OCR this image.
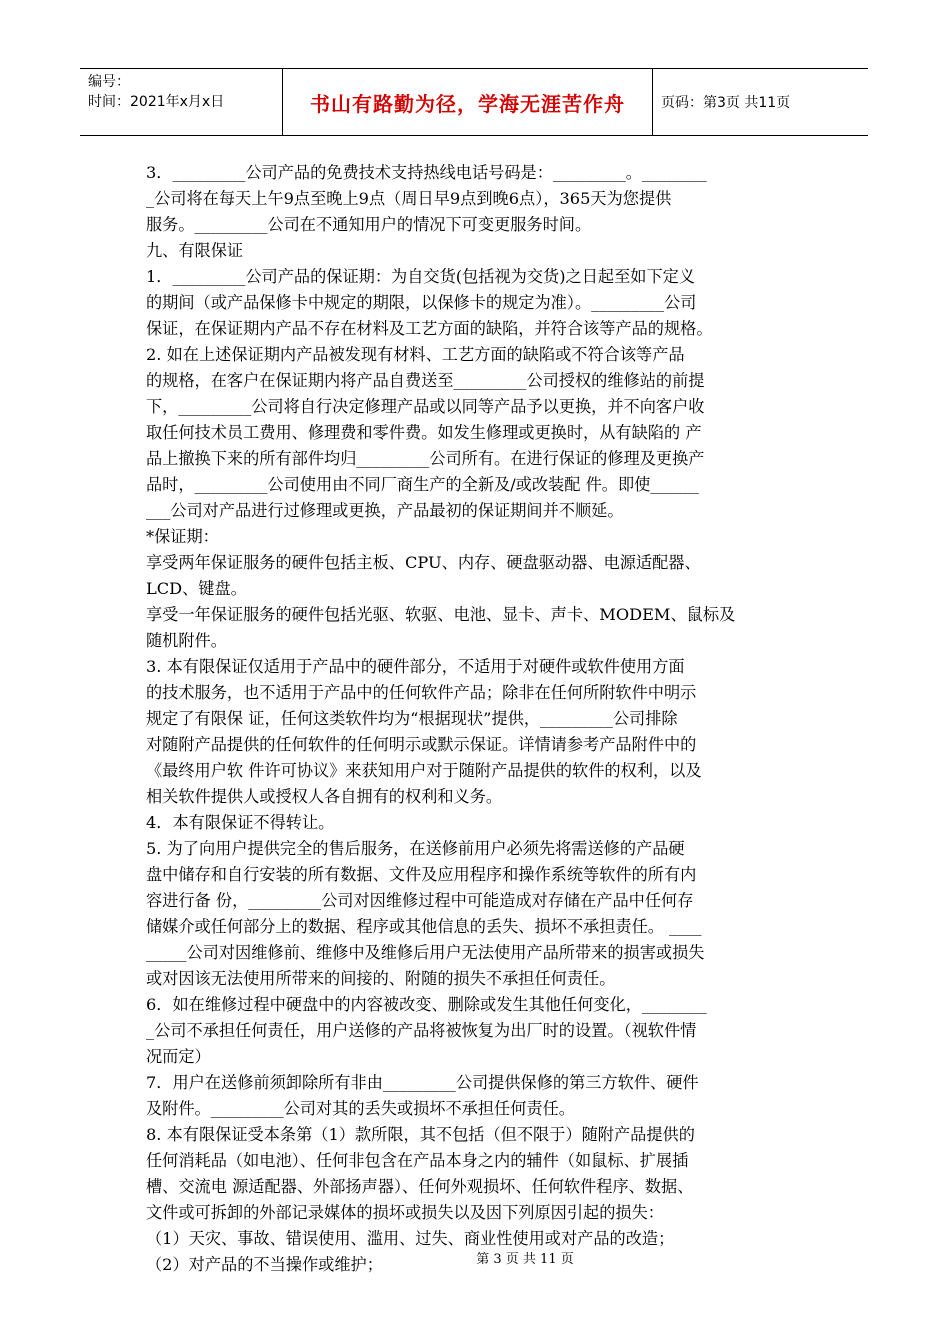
编号：
时间：2021年x月x日	书山有路勤为径，学海无涯苦作舟	页码：第3页 共11页

3．_________公司产品的免费技术支持热线电话号码是：_________。________

_公司将在每天上午9点至晚上9点（周日早9点到晚6点），365天为您提供

服务。_________公司在不通知用户的情况下可变更服务时间。

九、有限保证

1．_________公司产品的保证期：为自交货(包括视为交货)之日起至如下定义

的期间（或产品保修卡中规定的期限，以保修卡的规定为准）。_________公司

保证，在保证期内产品不存在材料及工艺方面的缺陷，并符合该等产品的规格。

2. 如在上述保证期内产品被发现有材料、工艺方面的缺陷或不符合该等产品

的规格，在客户在保证期内将产品自费送至_________公司授权的维修站的前提

下，_________公司将自行决定修理产品或以同等产品予以更换，并不向客户收

取任何技术员工费用、修理费和零件费。如发生修理或更换时，从有缺陷的 产

品上撤换下来的所有部件均归_________公司所有。在进行保证的修理及更换产

品时，_________公司使用由不同厂商生产的全新及/或改装配 件。即使______

___公司对产品进行过修理或更换，产品最初的保证期间并不顺延。

*保证期：

享受两年保证服务的硬件包括主板、CPU、内存、硬盘驱动器、电源适配器、

LCD、键盘。

享受一年保证服务的硬件包括光驱、软驱、电池、显卡、声卡、MODEM、鼠标及

随机附件。

3. 本有限保证仅适用于产品中的硬件部分，不适用于对硬件或软件使用方面

的技术服务，也不适用于产品中的任何软件产品；除非在任何所附软件中明示

规定了有限保 证，任何这类软件均为“根据现状”提供，_________公司排除

对随附产品提供的任何软件的任何明示或默示保证。详情请参考产品附件中的

《最终用户软 件许可协议》来获知用户对于随附产品提供的软件的权利，以及

相关软件提供人或授权人各自拥有的权利和义务。

4．本有限保证不得转让。

5. 为了向用户提供完全的售后服务，在送修前用户必须先将需送修的产品硬

盘中储存和自行安装的所有数据、文件及应用程序和操作系统等软件的所有内

容进行备 份，_________公司对因维修过程中可能造成对存储在产品中任何存

储媒介或任何部分上的数据、程序或其他信息的丢失、损坏不承担责任。 ____

_____公司对因维修前、维修中及维修后用户无法使用产品所带来的损害或损失

或对因该无法使用所带来的间接的、附随的损失不承担任何责任。

6．如在维修过程中硬盘中的内容被改变、删除或发生其他任何变化，________

_公司不承担任何责任，用户送修的产品将被恢复为出厂时的设置。（视软件情

况而定）

7．用户在送修前须卸除所有非由_________公司提供保修的第三方软件、硬件

及附件。_________公司对其的丢失或损坏不承担任何责任。

8. 本有限保证受本条第（1）款所限，其不包括（但不限于）随附产品提供的

任何消耗品（如电池）、任何非包含在产品本身之内的辅件（如鼠标、扩展插

槽、交流电 源适配器、外部扬声器）、任何外观损坏、任何软件程序、数据、

文件或可拆卸的外部记录媒体的损坏或损失以及因下列原因引起的损失：

（1）天灾、事故、错误使用、滥用、过失、商业性使用或对产品的改造；

（2）对产品的不当操作或维护；	第 3 页 共 11 页
